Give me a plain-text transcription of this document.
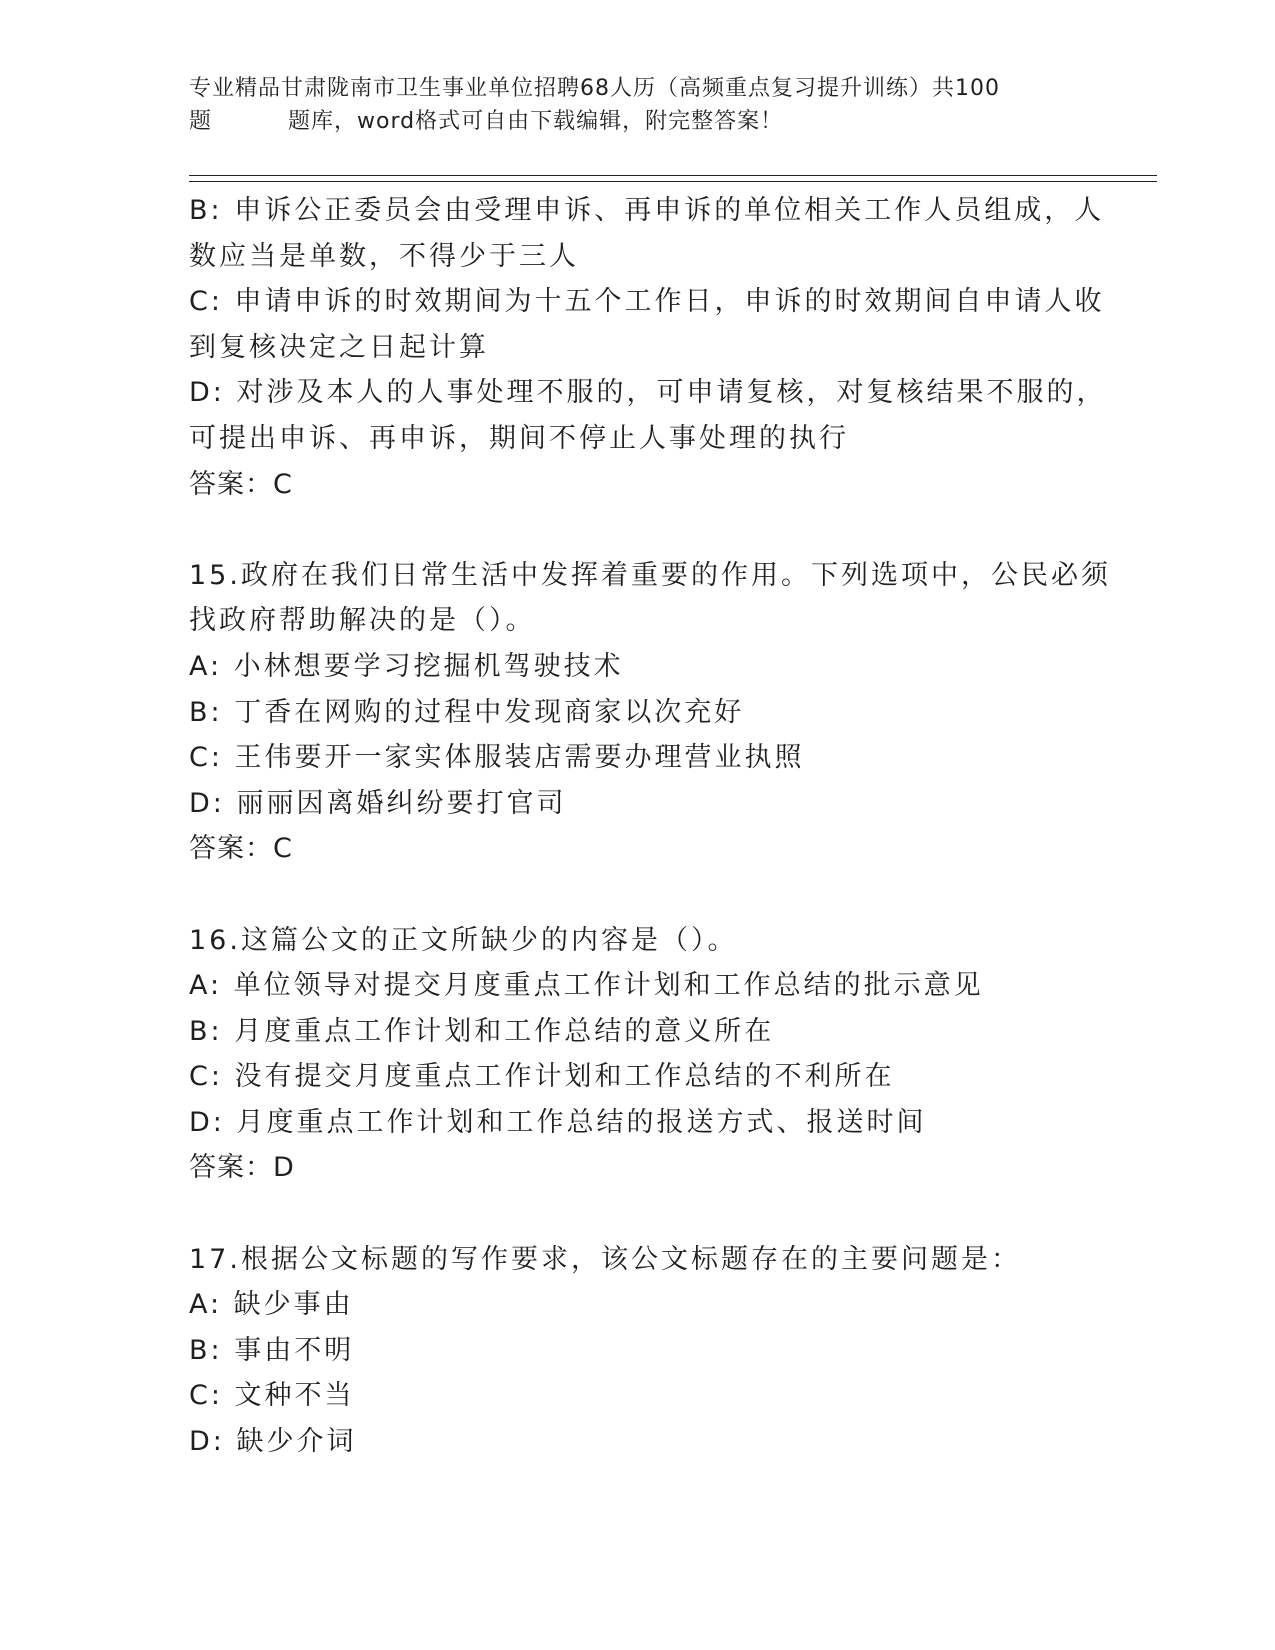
专业精品甘肃陇南市卫生事业单位招聘68人历（高频重点复习提升训练）共100
题	题库，word格式可自由下载编辑，附完整答案！
B: 申诉公正委员会由受理申诉、再申诉的单位相关工作人员组成，人
数应当是单数，不得少于三人
C: 申请申诉的时效期间为十五个工作日，申诉的时效期间自申请人收
到复核决定之日起计算
D: 对涉及本人的人事处理不服的，可申请复核，对复核结果不服的，
可提出申诉、再申诉，期间不停止人事处理的执行
答案：C
15.政府在我们日常生活中发挥着重要的作用。下列选项中，公民必须
找政府帮助解决的是（）。
A: 小林想要学习挖掘机驾驶技术
B: 丁香在网购的过程中发现商家以次充好
C: 王伟要开一家实体服装店需要办理营业执照
D: 丽丽因离婚纠纷要打官司
答案：C
16.这篇公文的正文所缺少的内容是（）。
A: 单位领导对提交月度重点工作计划和工作总结的批示意见
B: 月度重点工作计划和工作总结的意义所在
C: 没有提交月度重点工作计划和工作总结的不利所在
D: 月度重点工作计划和工作总结的报送方式、报送时间
答案：D
17.根据公文标题的写作要求，该公文标题存在的主要问题是：
A: 缺少事由
B: 事由不明
C: 文种不当
D: 缺少介词
